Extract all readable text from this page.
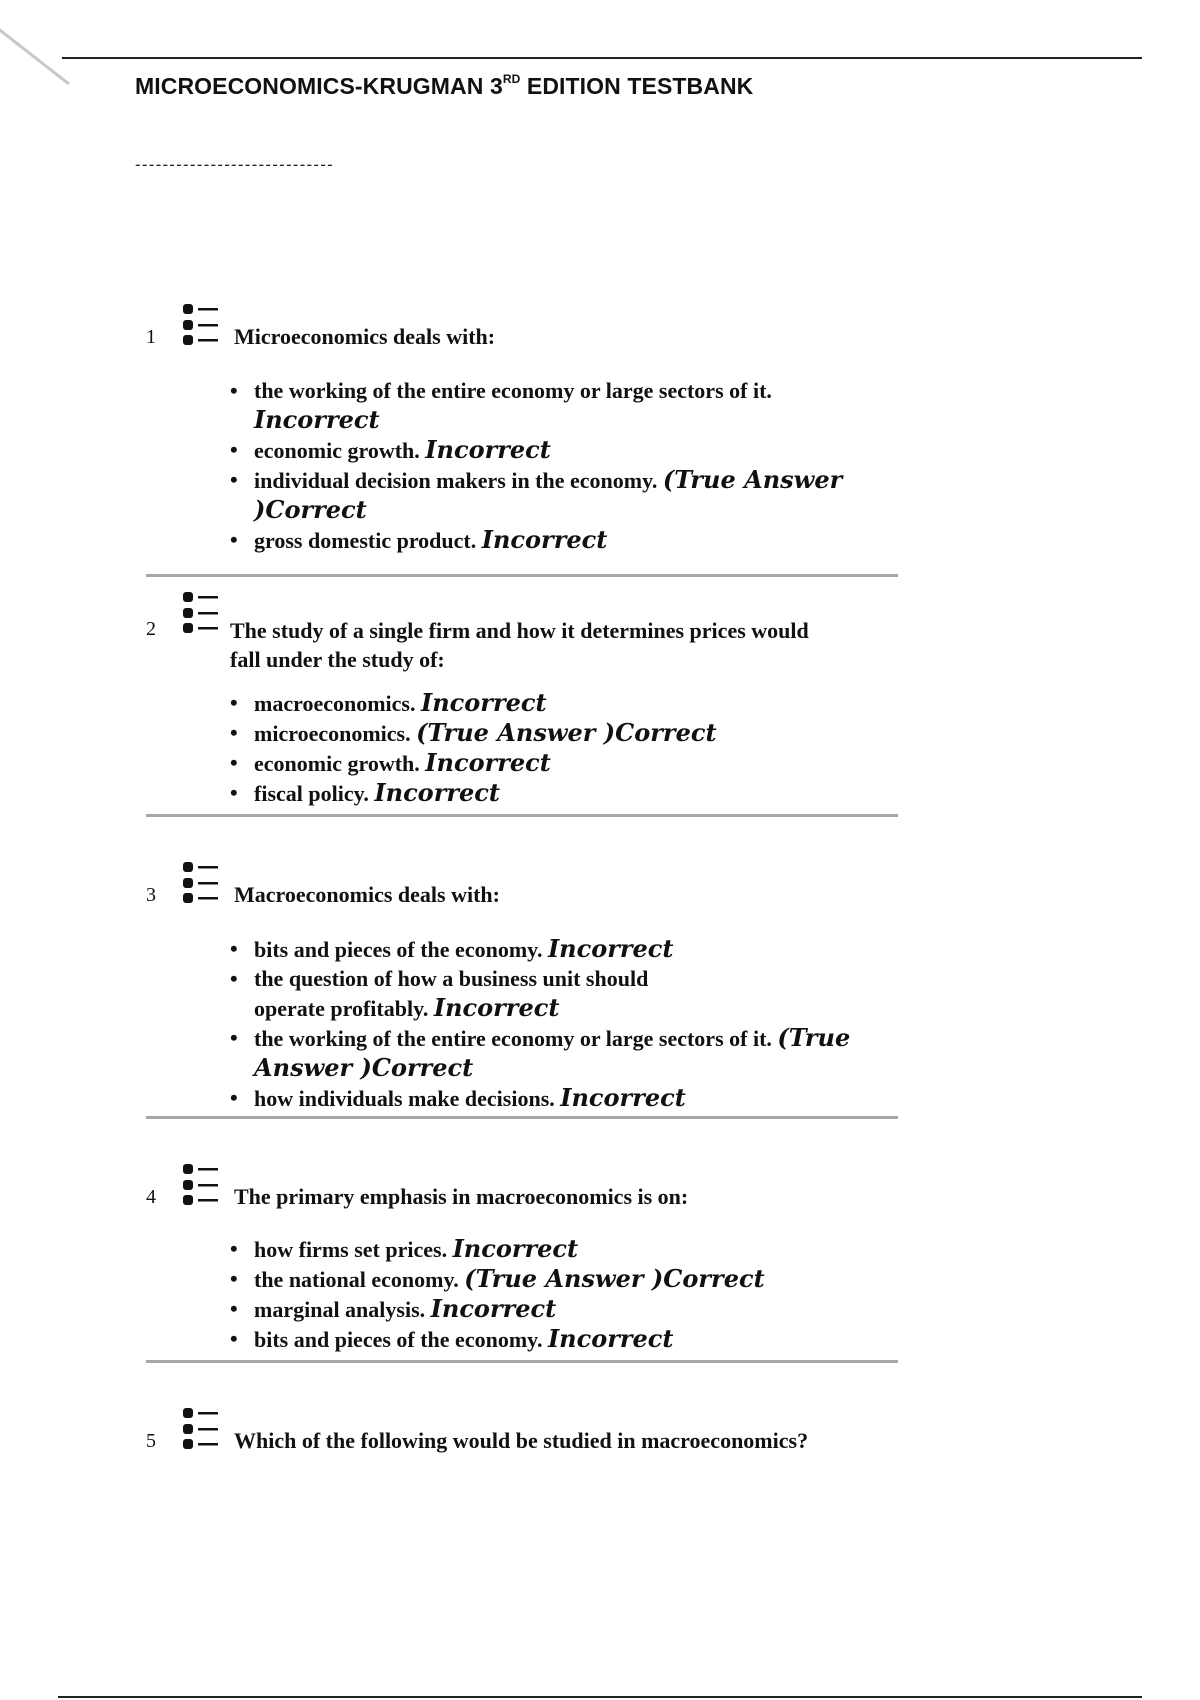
MICROECONOMICS-KRUGMAN 3RD EDITION TESTBANK
-----------------------------
1	Microeconomics deals with:
• the working of the entire economy or large sectors of it. Incorrect
• economic growth. Incorrect
• individual decision makers in the economy. (True Answer )Correct
• gross domestic product. Incorrect
2	The study of a single firm and how it determines prices would fall under the study of:
• macroeconomics. Incorrect
• microeconomics. (True Answer )Correct
• economic growth. Incorrect
• fiscal policy. Incorrect
3	Macroeconomics deals with:
• bits and pieces of the economy. Incorrect
• the question of how a business unit should operate profitably. Incorrect
• the working of the entire economy or large sectors of it. (True Answer )Correct
• how individuals make decisions. Incorrect
4	The primary emphasis in macroeconomics is on:
• how firms set prices. Incorrect
• the national economy. (True Answer )Correct
• marginal analysis. Incorrect
• bits and pieces of the economy. Incorrect
5	Which of the following would be studied in macroeconomics?
